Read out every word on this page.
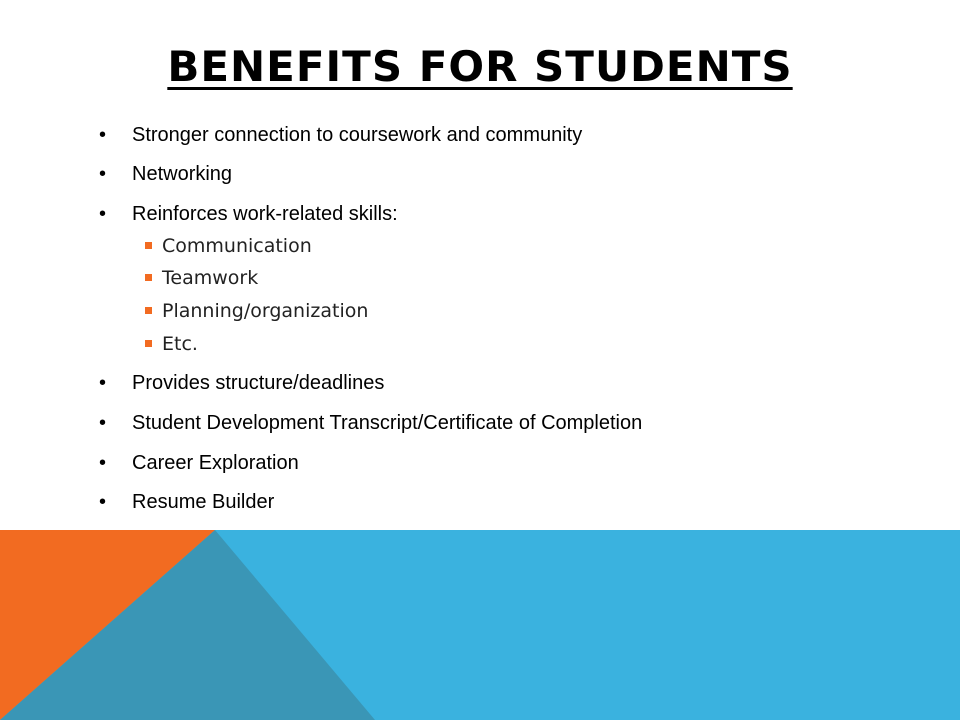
BENEFITS FOR STUDENTS
•	Stronger connection to coursework and community
•	Networking
•	Reinforces work-related skills:
Communication
Teamwork
Planning/organization
Etc.
•	Provides structure/deadlines
•	Student Development Transcript/Certificate of Completion
•	Career Exploration
•	Resume Builder
